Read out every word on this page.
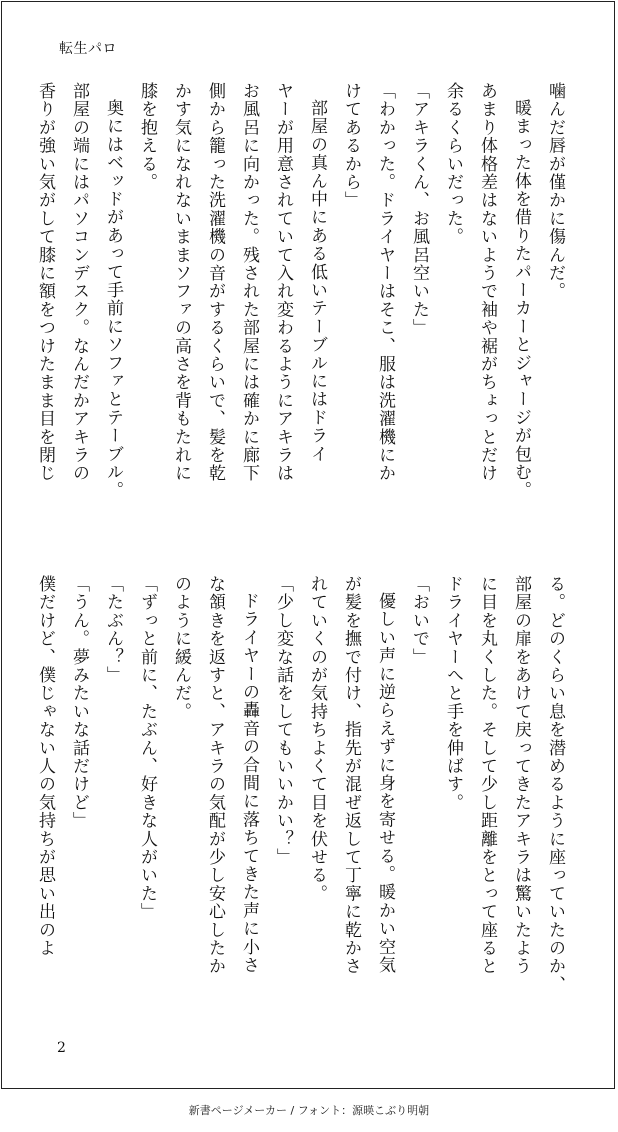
転生パロ

噛んだ唇が僅かに傷んだ。

暖まった体を借りたパーカーとジャージが包む。

あまり体格差はないようで袖や裾がちょっとだけ

余るくらいだった。

「アキラくん、お風呂空いた」

「わかった。ドライヤーはそこ、服は洗濯機にか

けてあるから」

部屋の真ん中にある低いテーブルにはドライ

ヤーが用意されていて入れ変わるようにアキラは

お風呂に向かった。残された部屋には確かに廊下

側から籠った洗濯機の音がするくらいで、髪を乾

かす気になれないままソファの高さを背もたれに

膝を抱える。

奥にはベッドがあって手前にソファとテーブル。

部屋の端にはパソコンデスク。なんだかアキラの

香りが強い気がして膝に額をつけたまま目を閉じ

る。どのくらい息を潜めるように座っていたのか、

部屋の扉をあけて戻ってきたアキラは驚いたよう

に目を丸くした。そして少し距離をとって座ると

ドライヤーへと手を伸ばす。

「おいで」

優しい声に逆らえずに身を寄せる。暖かい空気

が髪を撫で付け、指先が混ぜ返して丁寧に乾かさ

れていくのが気持ちよくて目を伏せる。

「少し変な話をしてもいいかい？」

ドライヤーの轟音の合間に落ちてきた声に小さ

な頷きを返すと、アキラの気配が少し安心したか

のように緩んだ。

「ずっと前に、たぶん、好きな人がいた」

「たぶん？」

「うん。夢みたいな話だけど」

僕だけど、僕じゃない人の気持ちが思い出のよ

2
新書ページメーカー / フォント：源暎こぶり明朝
